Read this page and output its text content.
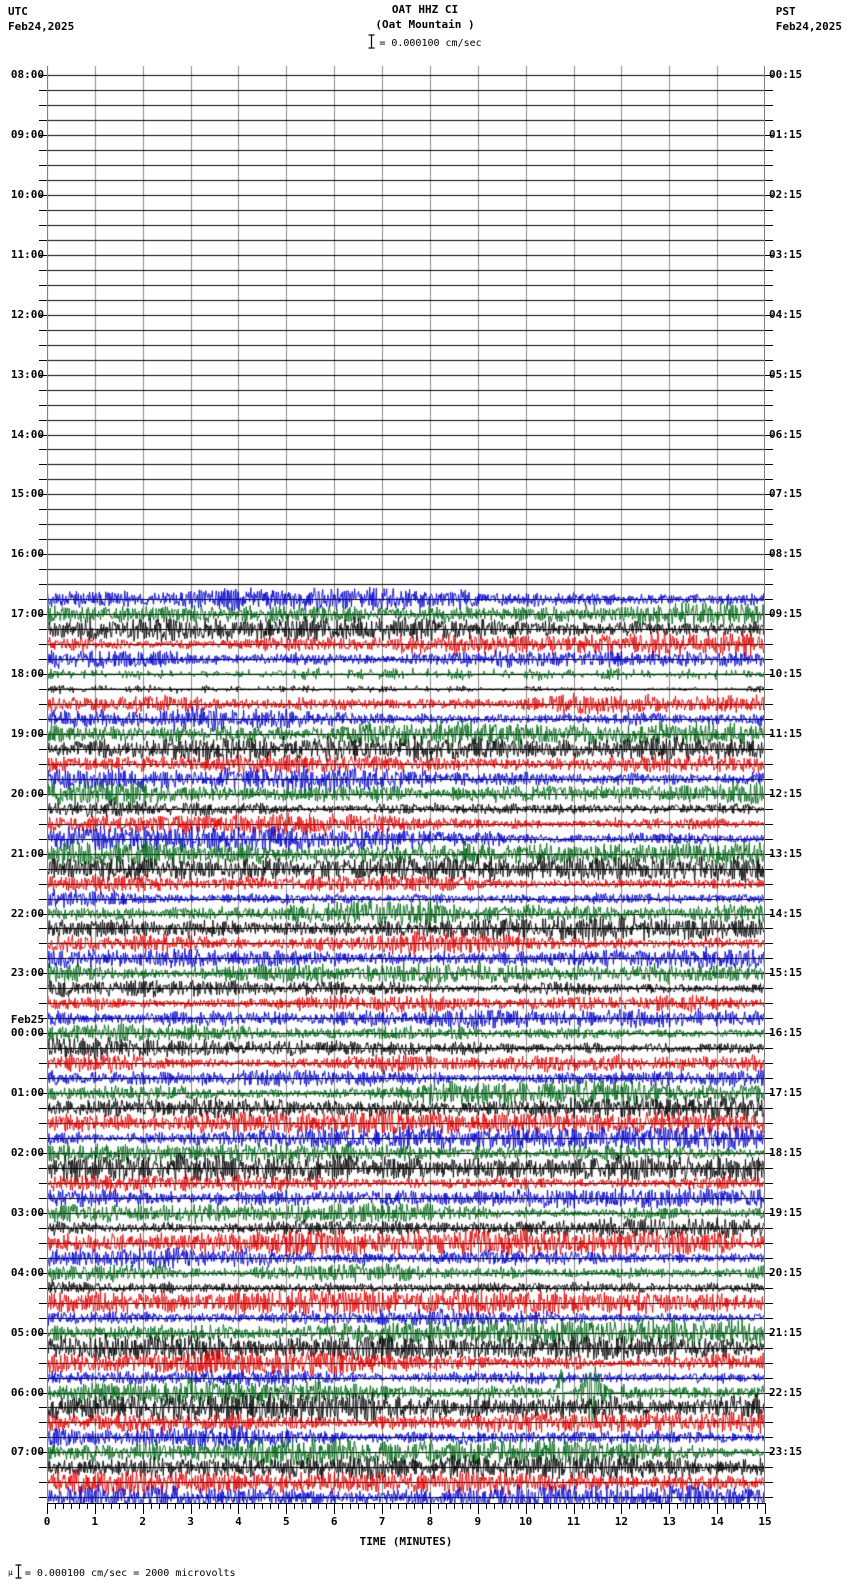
UTC
Feb24,2025
OAT HHZ CI
(Oat Mountain )
PST
Feb24,2025
= 0.000100 cm/sec
08:00
09:00
10:00
11:00
12:00
13:00
14:00
15:00
16:00
17:00
18:00
19:00
20:00
21:00
22:00
23:00
00:00
01:00
02:00
03:00
04:00
05:00
06:00
07:00
Feb25
00:15
01:15
02:15
03:15
04:15
05:15
06:15
07:15
08:15
09:15
10:15
11:15
12:15
13:15
14:15
15:15
16:15
17:15
18:15
19:15
20:15
21:15
22:15
23:15
0	1	2	3	4	5	6	7	8	9	10	11	12	13	14	15
TIME (MINUTES)
μ = 0.000100 cm/sec = 2000 microvolts
